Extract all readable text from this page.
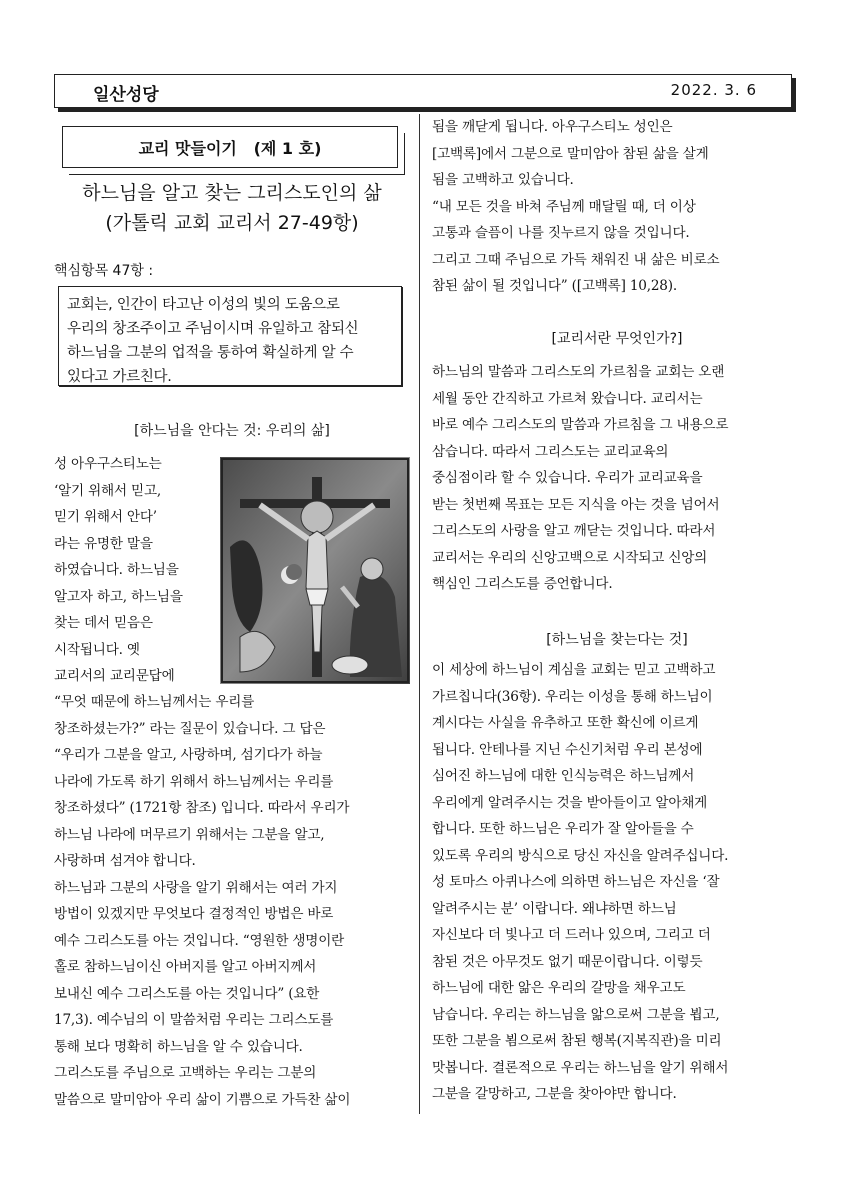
일산성당	2022. 3. 6
교리 맛들이기   (제 1 호)
하느님을 알고 찾는 그리스도인의 삶
(가톨릭 교회 교리서 27-49항)
핵심항목 47항 :
교회는, 인간이 타고난 이성의 빛의 도움으로
우리의 창조주이고 주님이시며 유일하고 참되신
하느님을 그분의 업적을 통하여 확실하게 알 수
있다고 가르친다.
[하느님을 안다는 것: 우리의 삶]
성 아우구스티노는
‘알기 위해서 믿고,
믿기 위해서 안다’
라는 유명한 말을
하였습니다. 하느님을
알고자 하고, 하느님을
찾는 데서 믿음은
시작됩니다. 옛
교리서의 교리문답에
“무엇 때문에 하느님께서는 우리를
창조하셨는가?” 라는 질문이 있습니다. 그 답은
“우리가 그분을 알고, 사랑하며, 섬기다가 하늘
나라에 가도록 하기 위해서 하느님께서는 우리를
창조하셨다” (1721항 참조) 입니다. 따라서 우리가
하느님 나라에 머무르기 위해서는 그분을 알고,
사랑하며 섬겨야 합니다.
하느님과 그분의 사랑을 알기 위해서는 여러 가지
방법이 있겠지만 무엇보다 결정적인 방법은 바로
예수 그리스도를 아는 것입니다. “영원한 생명이란
홀로 참하느님이신 아버지를 알고 아버지께서
보내신 예수 그리스도를 아는 것입니다” (요한
17,3). 예수님의 이 말씀처럼 우리는 그리스도를
통해 보다 명확히 하느님을 알 수 있습니다.
그리스도를 주님으로 고백하는 우리는 그분의
말씀으로 말미암아 우리 삶이 기쁨으로 가득찬 삶이
됨을 깨닫게 됩니다. 아우구스티노 성인은
[고백록]에서 그분으로 말미암아 참된 삶을 살게
됨을 고백하고 있습니다.
“내 모든 것을 바쳐 주님께 매달릴 때, 더 이상
고통과 슬픔이 나를 짓누르지 않을 것입니다.
그리고 그때 주님으로 가득 채워진 내 삶은 비로소
참된 삶이 될 것입니다” ([고백록] 10,28).
[교리서란 무엇인가?]
하느님의 말씀과 그리스도의 가르침을 교회는 오랜
세월 동안 간직하고 가르쳐 왔습니다. 교리서는
바로 예수 그리스도의 말씀과 가르침을 그 내용으로
삼습니다. 따라서 그리스도는 교리교육의
중심점이라 할 수 있습니다. 우리가 교리교육을
받는 첫번째 목표는 모든 지식을 아는 것을 넘어서
그리스도의 사랑을 알고 깨닫는 것입니다. 따라서
교리서는 우리의 신앙고백으로 시작되고 신앙의
핵심인 그리스도를 증언합니다.
[하느님을 찾는다는 것]
이 세상에 하느님이 계심을 교회는 믿고 고백하고
가르칩니다(36항). 우리는 이성을 통해 하느님이
계시다는 사실을 유추하고 또한 확신에 이르게
됩니다. 안테나를 지닌 수신기처럼 우리 본성에
심어진 하느님에 대한 인식능력은 하느님께서
우리에게 알려주시는 것을 받아들이고 알아채게
합니다. 또한 하느님은 우리가 잘 알아들을 수
있도록 우리의 방식으로 당신 자신을 알려주십니다.
성 토마스 아퀴나스에 의하면 하느님은 자신을 ‘잘
알려주시는 분’ 이랍니다. 왜냐하면 하느님
자신보다 더 빛나고 더 드러나 있으며, 그리고 더
참된 것은 아무것도 없기 때문이랍니다. 이렇듯
하느님에 대한 앎은 우리의 갈망을 채우고도
남습니다. 우리는 하느님을 앎으로써 그분을 뵙고,
또한 그분을 뵘으로써 참된 행복(지복직관)을 미리
맛봅니다. 결론적으로 우리는 하느님을 알기 위해서
그분을 갈망하고, 그분을 찾아야만 합니다.
